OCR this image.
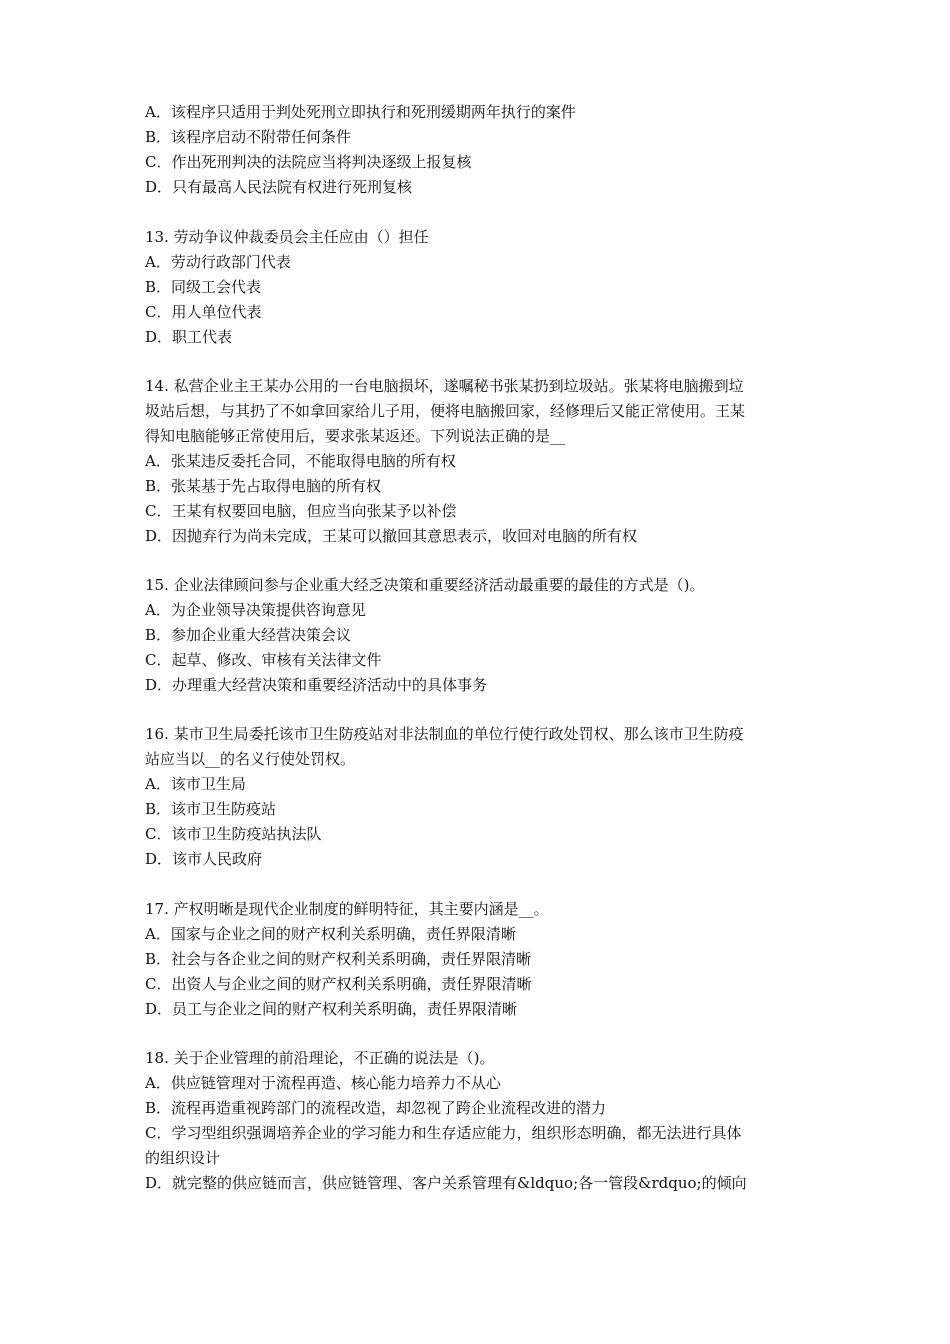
A．该程序只适用于判处死刑立即执行和死刑缓期两年执行的案件
B．该程序启动不附带任何条件
C．作出死刑判决的法院应当将判决逐级上报复核
D．只有最高人民法院有权进行死刑复核
13. 劳动争议仲裁委员会主任应由（）担任
A．劳动行政部门代表
B．同级工会代表
C．用人单位代表
D．职工代表
14. 私营企业主王某办公用的一台电脑损坏，遂嘱秘书张某扔到垃圾站。张某将电脑搬到垃
圾站后想，与其扔了不如拿回家给儿子用，便将电脑搬回家，经修理后又能正常使用。王某
得知电脑能够正常使用后，要求张某返还。下列说法正确的是__
A．张某违反委托合同，不能取得电脑的所有权
B．张某基于先占取得电脑的所有权
C．王某有权要回电脑，但应当向张某予以补偿
D．因抛弃行为尚未完成，王某可以撤回其意思表示，收回对电脑的所有权
15. 企业法律顾问参与企业重大经乏决策和重要经济活动最重要的最佳的方式是（)。
A．为企业领导决策提供咨询意见
B．参加企业重大经营决策会议
C．起草、修改、审核有关法律文件
D．办理重大经营决策和重要经济活动中的具体事务
16. 某市卫生局委托该市卫生防疫站对非法制血的单位行使行政处罚权、那么该市卫生防疫
站应当以__的名义行使处罚权。
A．该市卫生局
B．该市卫生防疫站
C．该市卫生防疫站执法队
D．该市人民政府
17. 产权明晰是现代企业制度的鲜明特征，其主要内涵是__。
A．国家与企业之间的财产权利关系明确，责任界限清晰
B．社会与各企业之间的财产权利关系明确，责任界限清晰
C．出资人与企业之间的财产权利关系明确，责任界限清晰
D．员工与企业之间的财产权利关系明确，责任界限清晰
18. 关于企业管理的前沿理论，不正确的说法是（)。
A．供应链管理对于流程再造、核心能力培养力不从心
B．流程再造重视跨部门的流程改造，却忽视了跨企业流程改进的潜力
C．学习型组织强调培养企业的学习能力和生存适应能力，组织形态明确，都无法进行具体
的组织设计
D．就完整的供应链而言，供应链管理、客户关系管理有&ldquo;各一管段&rdquo;的倾向
